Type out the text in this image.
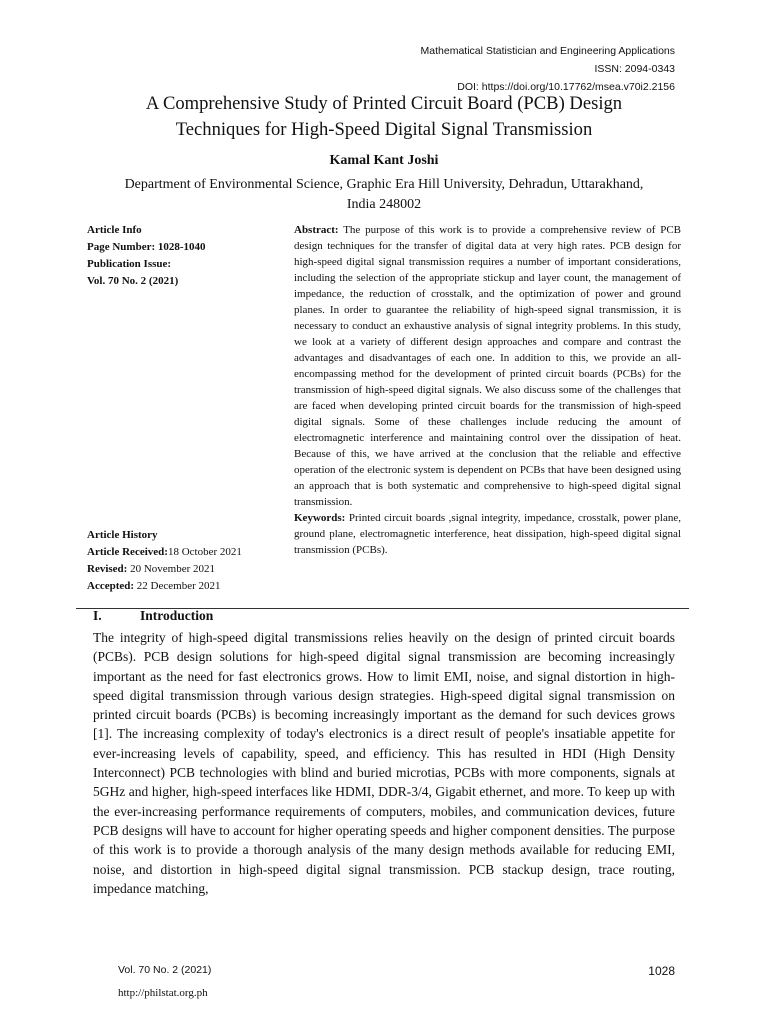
Mathematical Statistician and Engineering Applications
ISSN: 2094-0343
DOI: https://doi.org/10.17762/msea.v70i2.2156
A Comprehensive Study of Printed Circuit Board (PCB) Design
Techniques for High-Speed Digital Signal Transmission
Kamal Kant Joshi
Department of Environmental Science, Graphic Era Hill University, Dehradun, Uttarakhand,
India 248002
Article Info
Page Number: 1028-1040
Publication Issue:
Vol. 70 No. 2 (2021)
Article History
Article Received:18 October 2021
Revised: 20 November 2021
Accepted: 22 December 2021

Abstract: The purpose of this work is to provide a comprehensive review of PCB design techniques for the transfer of digital data at very high rates. PCB design for high-speed digital signal transmission requires a number of important considerations, including the selection of the appropriate stickup and layer count, the management of impedance, the reduction of crosstalk, and the optimization of power and ground planes. In order to guarantee the reliability of high-speed signal transmission, it is necessary to conduct an exhaustive analysis of signal integrity problems. In this study, we look at a variety of different design approaches and compare and contrast the advantages and disadvantages of each one. In addition to this, we provide an all-encompassing method for the development of printed circuit boards (PCBs) for the transmission of high-speed digital signals. We also discuss some of the challenges that are faced when developing printed circuit boards for the transmission of high-speed digital signals. Some of these challenges include reducing the amount of electromagnetic interference and maintaining control over the dissipation of heat. Because of this, we have arrived at the conclusion that the reliable and effective operation of the electronic system is dependent on PCBs that have been designed using an approach that is both systematic and comprehensive to high-speed digital signal transmission.

Keywords: Printed circuit boards ,signal integrity, impedance, crosstalk, power plane, ground plane, electromagnetic interference, heat dissipation, high-speed digital signal transmission (PCBs).

I.	Introduction
The integrity of high-speed digital transmissions relies heavily on the design of printed circuit boards (PCBs). PCB design solutions for high-speed digital signal transmission are becoming increasingly important as the need for fast electronics grows. How to limit EMI, noise, and signal distortion in high-speed digital transmission through various design strategies. High-speed digital signal transmission on printed circuit boards (PCBs) is becoming increasingly important as the demand for such devices grows [1]. The increasing complexity of today's electronics is a direct result of people's insatiable appetite for ever-increasing levels of capability, speed, and efficiency. This has resulted in HDI (High Density Interconnect) PCB technologies with blind and buried microtias, PCBs with more components, signals at 5GHz and higher, high-speed interfaces like HDMI, DDR-3/4, Gigabit ethernet, and more. To keep up with the ever-increasing performance requirements of computers, mobiles, and communication devices, future PCB designs will have to account for higher operating speeds and higher component densities. The purpose of this work is to provide a thorough analysis of the many design methods available for reducing EMI, noise, and distortion in high-speed digital signal transmission. PCB stackup design, trace routing, impedance matching,
Vol. 70 No. 2 (2021)	1028
http://philstat.org.ph
